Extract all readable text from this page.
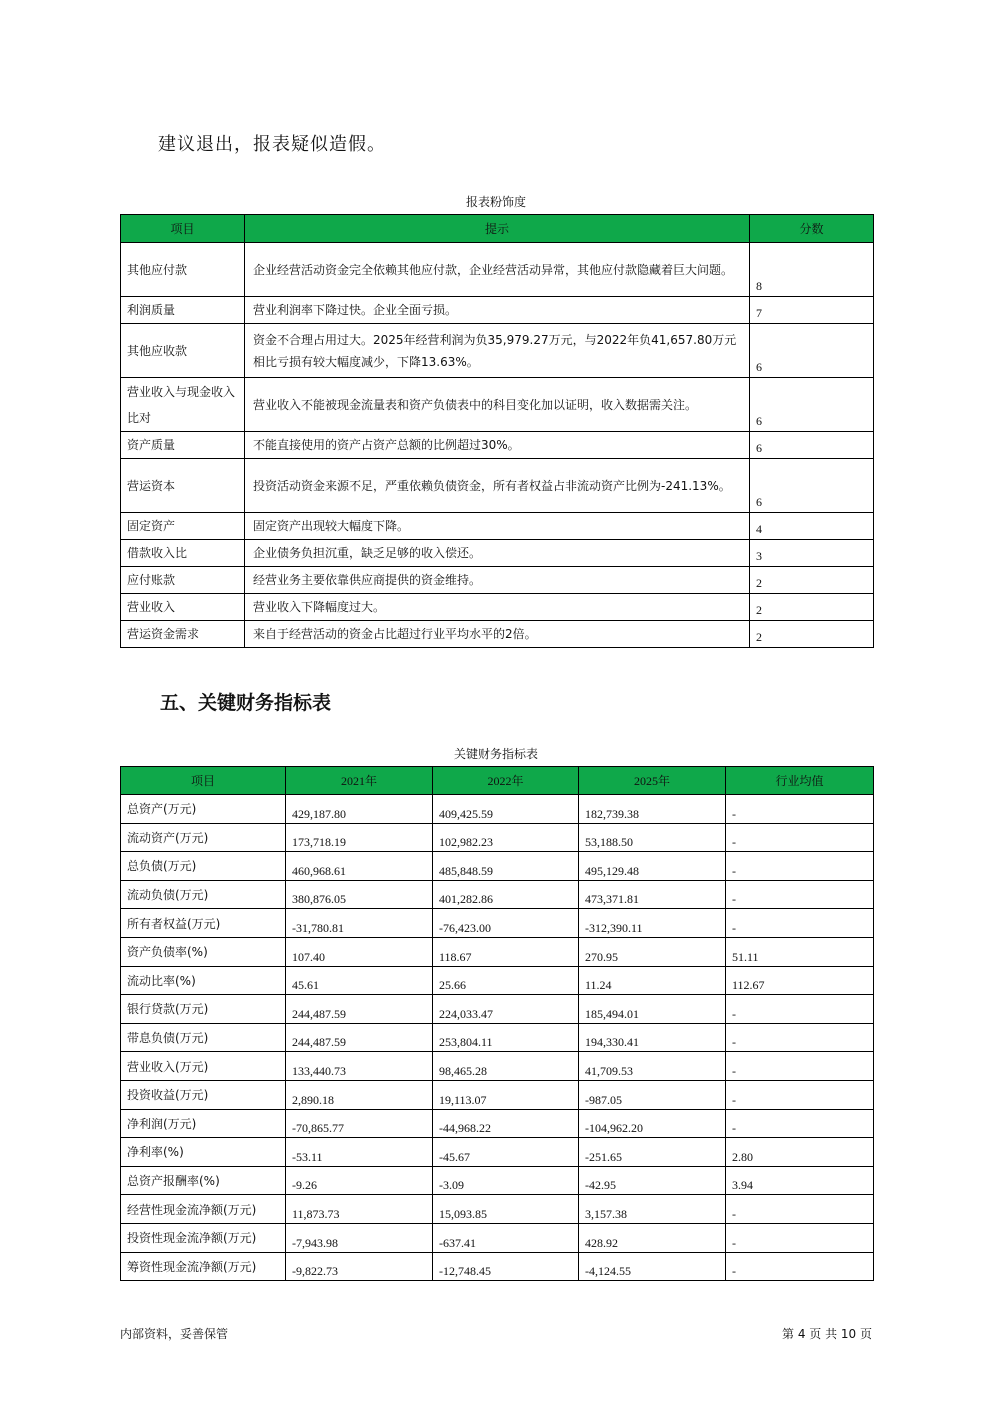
建议退出，报表疑似造假。
报表粉饰度
项目	提示	分数
其他应付款	企业经营活动资金完全依赖其他应付款，企业经营活动异常，其他应付款隐藏着巨大问题。	8
利润质量	营业利润率下降过快。企业全面亏损。	7
其他应收款	资金不合理占用过大。2025年经营利润为负35,979.27万元，与2022年负41,657.80万元相比亏损有较大幅度减少，下降13.63%。	6
营业收入与现金收入比对	营业收入不能被现金流量表和资产负债表中的科目变化加以证明，收入数据需关注。	6
资产质量	不能直接使用的资产占资产总额的比例超过30%。	6
营运资本	投资活动资金来源不足，严重依赖负债资金，所有者权益占非流动资产比例为-241.13%。	6
固定资产	固定资产出现较大幅度下降。	4
借款收入比	企业债务负担沉重，缺乏足够的收入偿还。	3
应付账款	经营业务主要依靠供应商提供的资金维持。	2
营业收入	营业收入下降幅度过大。	2
营运资金需求	来自于经营活动的资金占比超过行业平均水平的2倍。	2
五、关键财务指标表
关键财务指标表
项目	2021年	2022年	2025年	行业均值
总资产(万元)	429,187.80	409,425.59	182,739.38	-
流动资产(万元)	173,718.19	102,982.23	53,188.50	-
总负债(万元)	460,968.61	485,848.59	495,129.48	-
流动负债(万元)	380,876.05	401,282.86	473,371.81	-
所有者权益(万元)	-31,780.81	-76,423.00	-312,390.11	-
资产负债率(%)	107.40	118.67	270.95	51.11
流动比率(%)	45.61	25.66	11.24	112.67
银行贷款(万元)	244,487.59	224,033.47	185,494.01	-
带息负债(万元)	244,487.59	253,804.11	194,330.41	-
营业收入(万元)	133,440.73	98,465.28	41,709.53	-
投资收益(万元)	2,890.18	19,113.07	-987.05	-
净利润(万元)	-70,865.77	-44,968.22	-104,962.20	-
净利率(%)	-53.11	-45.67	-251.65	2.80
总资产报酬率(%)	-9.26	-3.09	-42.95	3.94
经营性现金流净额(万元)	11,873.73	15,093.85	3,157.38	-
投资性现金流净额(万元)	-7,943.98	-637.41	428.92	-
筹资性现金流净额(万元)	-9,822.73	-12,748.45	-4,124.55	-
内部资料，妥善保管	第 4 页 共 10 页
